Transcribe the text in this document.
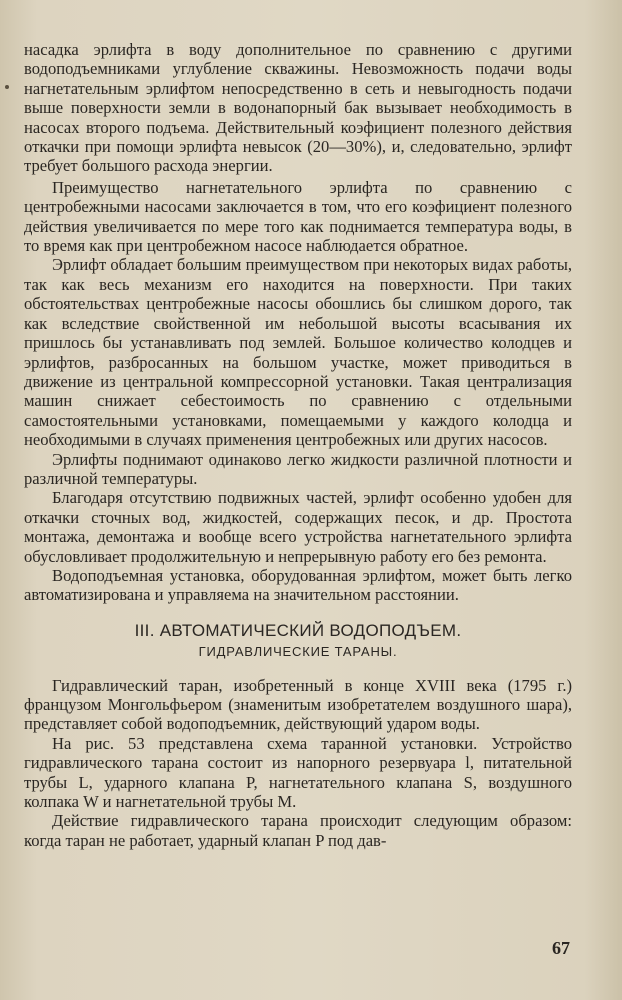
насадка эрлифта в воду дополнительное по сравнению с другими водоподъемниками углубление скважины. Невозможность подачи воды нагнетательным эрлифтом непосредственно в сеть и невыгодность подачи выше поверхности земли в водонапорный бак вызывает необходимость в насосах второго подъема. Действительный коэфициент полезного действия откачки при помощи эрлифта невысок (20—30%), и, следовательно, эрлифт требует большого расхода энергии.

Преимущество нагнетательного эрлифта по сравнению с центробежными насосами заключается в том, что его коэфициент полезного действия увеличивается по мере того как поднимается температура воды, в то время как при центробежном насосе наблюдается обратное.

Эрлифт обладает большим преимуществом при некоторых видах работы, так как весь механизм его находится на поверхности. При таких обстоятельствах центробежные насосы обошлись бы слишком дорого, так как вследствие свойственной им небольшой высоты всасывания их пришлось бы устанавливать под землей. Большое количество колодцев и эрлифтов, разбросанных на большом участке, может приводиться в движение из центральной компрессорной установки. Такая централизация машин снижает себестоимость по сравнению с отдельными самостоятельными установками, помещаемыми у каждого колодца и необходимыми в случаях применения центробежных или других насосов.

Эрлифты поднимают одинаково легко жидкости различной плотности и различной температуры.

Благодаря отсутствию подвижных частей, эрлифт особенно удобен для откачки сточных вод, жидкостей, содержащих песок, и др. Простота монтажа, демонтажа и вообще всего устройства нагнетательного эрлифта обусловливает продолжительную и непрерывную работу его без ремонта.

Водоподъемная установка, оборудованная эрлифтом, может быть легко автоматизирована и управляема на значительном расстоянии.

III. АВТОМАТИЧЕСКИЙ ВОДОПОДЪЕМ.
ГИДРАВЛИЧЕСКИЕ ТАРАНЫ.

Гидравлический таран, изобретенный в конце XVIII века (1795 г.) французом Монгольфьером (знаменитым изобретателем воздушного шара), представляет собой водоподъемник, действующий ударом воды.

На рис. 53 представлена схема таранной установки. Устройство гидравлического тарана состоит из напорного резервуара l, питательной трубы L, ударного клапана P, нагнетательного клапана S, воздушного колпака W и нагнетательной трубы M.

Действие гидравлического тарана происходит следующим образом: когда таран не работает, ударный клапан P под дав-

67
